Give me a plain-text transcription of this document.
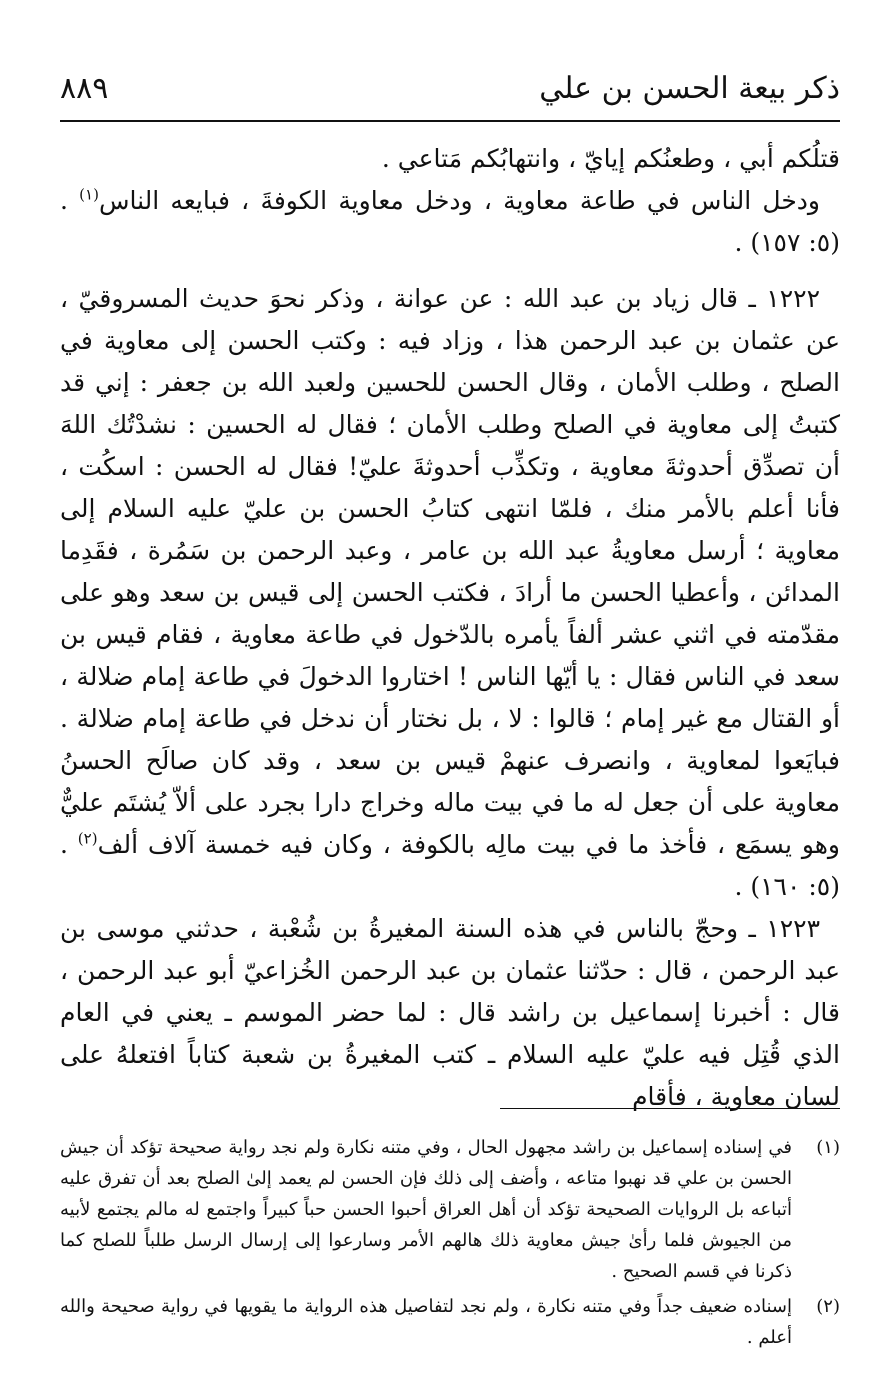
٨٨٩	ذكر بيعة الحسن بن علي

قتلُكم أبي ، وطعنُكم إيايّ ، وانتهابُكم مَتاعي .

ودخل الناس في طاعة معاوية ، ودخل معاوية الكوفةَ ، فبايعه الناس$^{(١)}$ . (٥: ١٥٧) .

١٢٢٢ ـ قال زياد بن عبد الله : عن عوانة ، وذكر نحوَ حديث المسروقيّ ، عن عثمان بن عبد الرحمن هذا ، وزاد فيه : وكتب الحسن إلى معاوية في الصلح ، وطلب الأمان ، وقال الحسن للحسين ولعبد الله بن جعفر : إني قد كتبتُ إلى معاوية في الصلح وطلب الأمان ؛ فقال له الحسين : نشدْتُك اللهَ أن تصدِّق أحدوثةَ معاوية ، وتكذِّب أحدوثةَ عليّ! فقال له الحسن : اسكُت ، فأنا أعلم بالأمر منك ، فلمّا انتهى كتابُ الحسن بن عليّ عليه السلام إلى معاوية ؛ أرسل معاويةُ عبد الله بن عامر ، وعبد الرحمن بن سَمُرة ، فقَدِما المدائن ، وأعطيا الحسن ما أرادَ ، فكتب الحسن إلى قيس بن سعد وهو على مقدّمته في اثني عشر ألفاً يأمره بالدّخول في طاعة معاوية ، فقام قيس بن سعد في الناس فقال : يا أيّها الناس ! اختاروا الدخولَ في طاعة إمام ضلالة ، أو القتال مع غير إمام ؛ قالوا : لا ، بل نختار أن ندخل في طاعة إمام ضلالة . فبايَعوا لمعاوية ، وانصرف عنهمْ قيس بن سعد ، وقد كان صالَح الحسنُ معاوية على أن جعل له ما في بيت ماله وخراج دارا بجرد على ألاّ يُشتَم عليٌّ وهو يسمَع ، فأخذ ما في بيت مالِه بالكوفة ، وكان فيه خمسة آلاف ألف$^{(٢)}$ . (٥: ١٦٠) .

١٢٢٣ ـ وحجّ بالناس في هذه السنة المغيرةُ بن شُعْبة ، حدثني موسى بن عبد الرحمن ، قال : حدّثنا عثمان بن عبد الرحمن الخُزاعيّ أبو عبد الرحمن ، قال : أخبرنا إسماعيل بن راشد قال : لما حضر الموسم ـ يعني في العام الذي قُتِل فيه عليّ عليه السلام ـ كتب المغيرةُ بن شعبة كتاباً افتعلهُ على لسان معاوية ، فأقام

(١)
في إسناده إسماعيل بن راشد مجهول الحال ، وفي متنه نكارة ولم نجد رواية صحيحة تؤكد أن جيش الحسن بن علي قد نهبوا متاعه ، وأضف إلى ذلك فإن الحسن لم يعمد إلىٰ الصلح بعد أن تفرق عليه أتباعه بل الروايات الصحيحة تؤكد أن أهل العراق أحبوا الحسن حباً كبيراً واجتمع له مالم يجتمع لأبيه من الجيوش فلما رأىٰ جيش معاوية ذلك هالهم الأمر وسارعوا إلى إرسال الرسل طلباً للصلح كما ذكرنا في قسم الصحيح .
(٢)
إسناده ضعيف جداً وفي متنه نكارة ، ولم نجد لتفاصيل هذه الرواية ما يقويها في رواية صحيحة والله أعلم .
